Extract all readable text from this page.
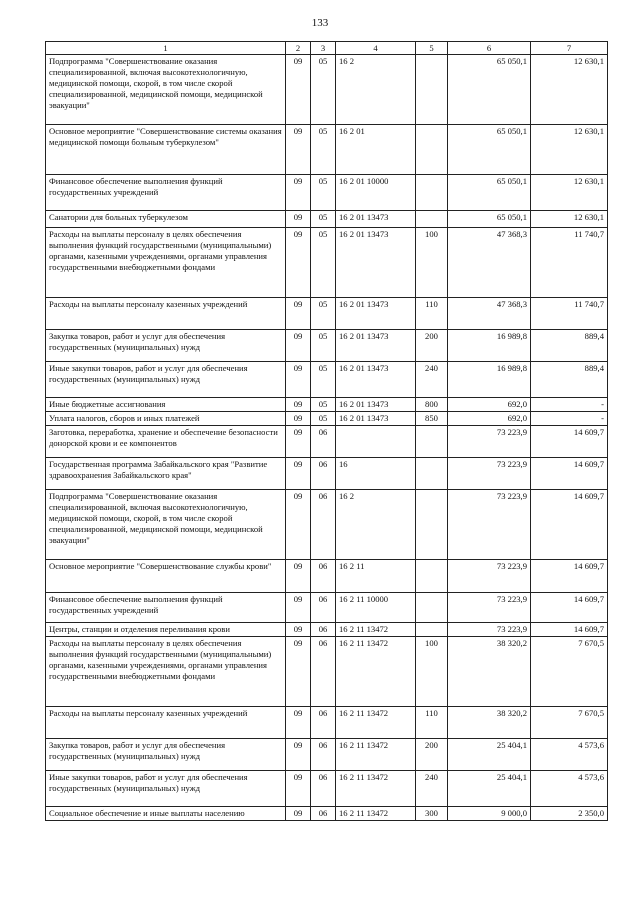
133
1	2	3	4	5	6	7
Подпрограмма "Совершенствование оказания специализированной, включая высокотехнологичную, медицинской помощи, скорой, в том числе скорой специализированной, медицинской помощи, медицинской эвакуации"	09	05	16 2		65 050,1	12 630,1
Основное мероприятие "Совершенствование системы оказания медицинской помощи больным туберкулезом"	09	05	16 2 01		65 050,1	12 630,1
Финансовое обеспечение выполнения функций государственных учреждений	09	05	16 2 01 10000		65 050,1	12 630,1
Санатории для больных туберкулезом	09	05	16 2 01 13473		65 050,1	12 630,1
Расходы на выплаты персоналу в целях обеспечения выполнения функций государственными (муниципальными) органами, казенными учреждениями, органами управления государственными внебюджетными фондами	09	05	16 2 01 13473	100	47 368,3	11 740,7
Расходы на выплаты персоналу казенных учреждений	09	05	16 2 01 13473	110	47 368,3	11 740,7
Закупка товаров, работ и услуг для обеспечения государственных (муниципальных) нужд	09	05	16 2 01 13473	200	16 989,8	889,4
Иные закупки товаров, работ и услуг для обеспечения государственных (муниципальных) нужд	09	05	16 2 01 13473	240	16 989,8	889,4
Иные бюджетные ассигнования	09	05	16 2 01 13473	800	692,0	-
Уплата налогов, сборов и иных платежей	09	05	16 2 01 13473	850	692,0	-
Заготовка, переработка, хранение и обеспечение безопасности донорской крови и ее компонентов	09	06			73 223,9	14 609,7
Государственная программа Забайкальского края "Развитие здравоохранения Забайкальского края"	09	06	16		73 223,9	14 609,7
Подпрограмма "Совершенствование оказания специализированной, включая высокотехнологичную, медицинской помощи, скорой, в том числе скорой специализированной, медицинской помощи, медицинской эвакуации"	09	06	16 2		73 223,9	14 609,7
Основное мероприятие "Совершенствование службы крови"	09	06	16 2 11		73 223,9	14 609,7
Финансовое обеспечение выполнения функций государственных учреждений	09	06	16 2 11 10000		73 223,9	14 609,7
Центры, станции и отделения переливания крови	09	06	16 2 11 13472		73 223,9	14 609,7
Расходы на выплаты персоналу в целях обеспечения выполнения функций государственными (муниципальными) органами, казенными учреждениями, органами управления государственными внебюджетными фондами	09	06	16 2 11 13472	100	38 320,2	7 670,5
Расходы на выплаты персоналу казенных учреждений	09	06	16 2 11 13472	110	38 320,2	7 670,5
Закупка товаров, работ и услуг для обеспечения государственных (муниципальных) нужд	09	06	16 2 11 13472	200	25 404,1	4 573,6
Иные закупки товаров, работ и услуг для обеспечения государственных (муниципальных) нужд	09	06	16 2 11 13472	240	25 404,1	4 573,6
Социальное обеспечение и иные выплаты населению	09	06	16 2 11 13472	300	9 000,0	2 350,0
